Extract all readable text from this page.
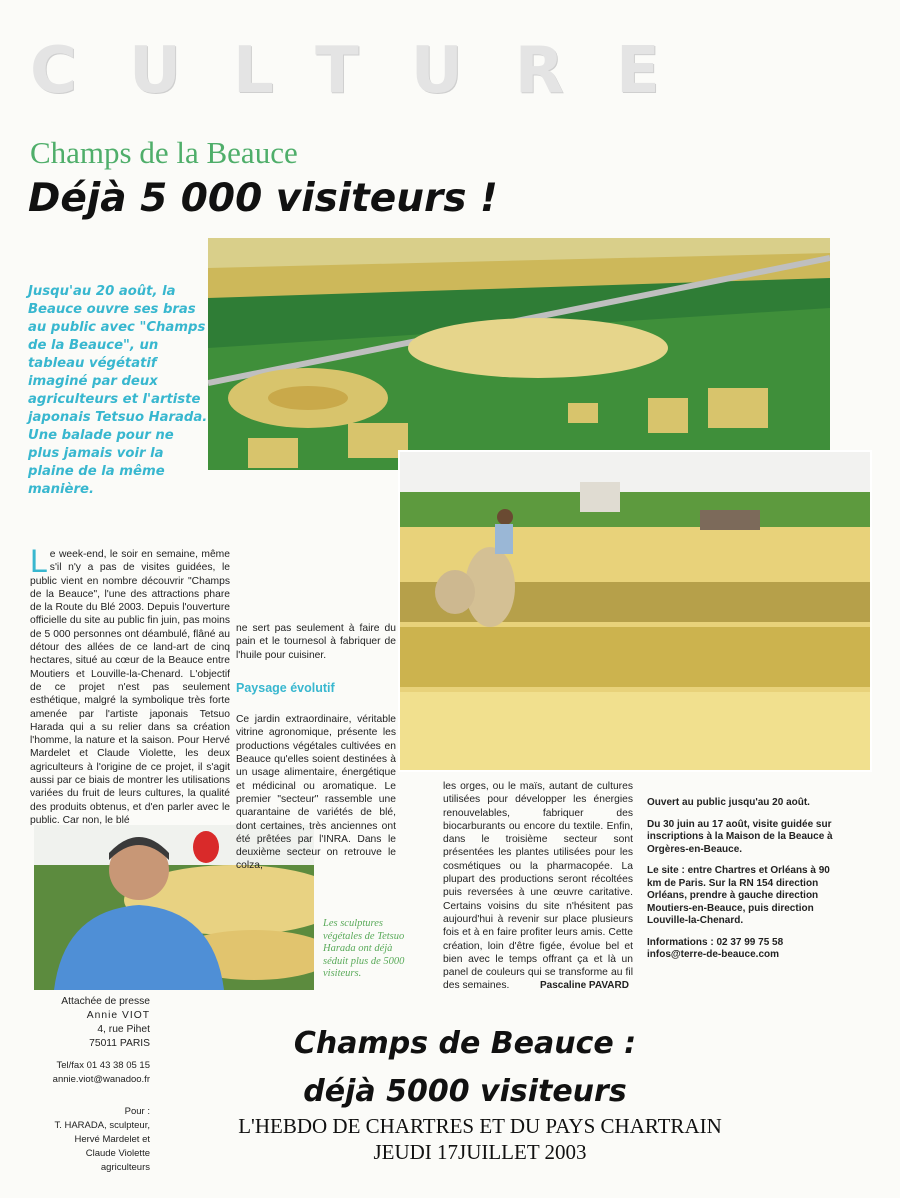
CULTURE
Champs de la Beauce
Déjà 5 000 visiteurs !
Jusqu'au 20 août, la Beauce ouvre ses bras au public avec "Champs de la Beauce", un tableau végétatif imaginé par deux agriculteurs et l'artiste japonais Tetsuo Harada. Une balade pour ne plus jamais voir la plaine de la même manière.
Le week-end, le soir en semaine, même s'il n'y a pas de visites guidées, le public vient en nombre découvrir "Champs de la Beauce", l'une des attractions phare de la Route du Blé 2003. Depuis l'ouverture officielle du site au public fin juin, pas moins de 5 000 personnes ont déambulé, flâné au détour des allées de ce land-art de cinq hectares, situé au cœur de la Beauce entre Moutiers et Louville-la-Chenard. L'objectif de ce projet n'est pas seulement esthétique, malgré la symbolique très forte amenée par l'artiste japonais Tetsuo Harada qui a su relier dans sa création l'homme, la nature et la saison. Pour Hervé Mardelet et Claude Violette, les deux agriculteurs à l'origine de ce projet, il s'agit aussi par ce biais de montrer les utilisations variées du fruit de leurs cultures, la qualité des produits obtenus, et d'en parler avec le public. Car non, le blé
ne sert pas seulement à faire du pain et le tournesol à fabriquer de l'huile pour cuisiner.
Paysage évolutif
Ce jardin extraordinaire, véritable vitrine agronomique, présente les productions végétales cultivées en Beauce qu'elles soient destinées à un usage alimentaire, énergétique et médicinal ou aromatique. Le premier "secteur" rassemble une quarantaine de variétés de blé, dont certaines, très anciennes ont été prêtées par l'INRA. Dans le deuxième secteur on retrouve le colza,
les orges, ou le maïs, autant de cultures utilisées pour développer les énergies renouvelables, fabriquer des biocarburants ou encore du textile. Enfin, dans le troisième secteur sont présentées les plantes utilisées pour les cosmétiques ou la pharmacopée. La plupart des productions seront récoltées puis reversées à une œuvre caritative. Certains voisins du site n'hésitent pas aujourd'hui à revenir sur place plusieurs fois et à en faire profiter leurs amis. Cette création, loin d'être figée, évolue bel et bien avec le temps offrant ça et là un panel de couleurs qui se transforme au fil des semaines.	Pascaline PAVARD

Ouvert au public jusqu'au 20 août.

Du 30 juin au 17 août, visite guidée sur inscriptions à la Maison de la Beauce à Orgères-en-Beauce.

Le site : entre Chartres et Orléans à 90 km de Paris. Sur la RN 154 direction Orléans, prendre à gauche direction Moutiers-en-Beauce, puis direction Louville-la-Chenard.

Informations : 02 37 99 75 58
infos@terre-de-beauce.com
Les sculptures végétales de Tetsuo Harada ont déjà séduit plus de 5000 visiteurs.
Attachée de presse
Annie VIOT
4, rue Pihet
75011 PARIS
Tel/fax 01 43 38 05 15
annie.viot@wanadoo.fr
Pour :
T. HARADA, sculpteur,
Hervé Mardelet et
Claude Violette
agriculteurs
Champs de Beauce :
déjà 5000 visiteurs
L'HEBDO DE CHARTRES ET DU PAYS CHARTRAIN
JEUDI 17JUILLET 2003
